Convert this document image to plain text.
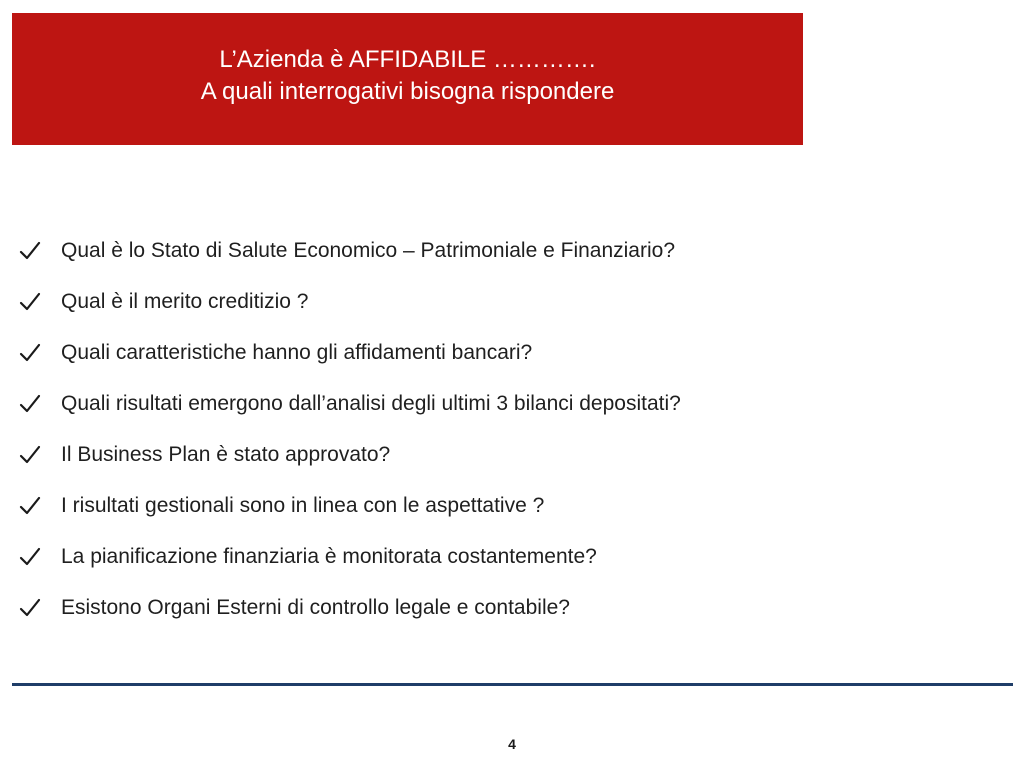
L’Azienda è AFFIDABILE ………….
A quali interrogativi bisogna rispondere
Qual è lo Stato di Salute Economico – Patrimoniale e Finanziario?
Qual è il merito creditizio ?
Quali caratteristiche hanno gli affidamenti bancari?
Quali risultati emergono dall’analisi degli ultimi 3 bilanci depositati?
Il Business Plan è stato approvato?
I risultati gestionali sono in linea con le aspettative ?
La pianificazione finanziaria è monitorata costantemente?
Esistono Organi Esterni di controllo legale e contabile?
4
